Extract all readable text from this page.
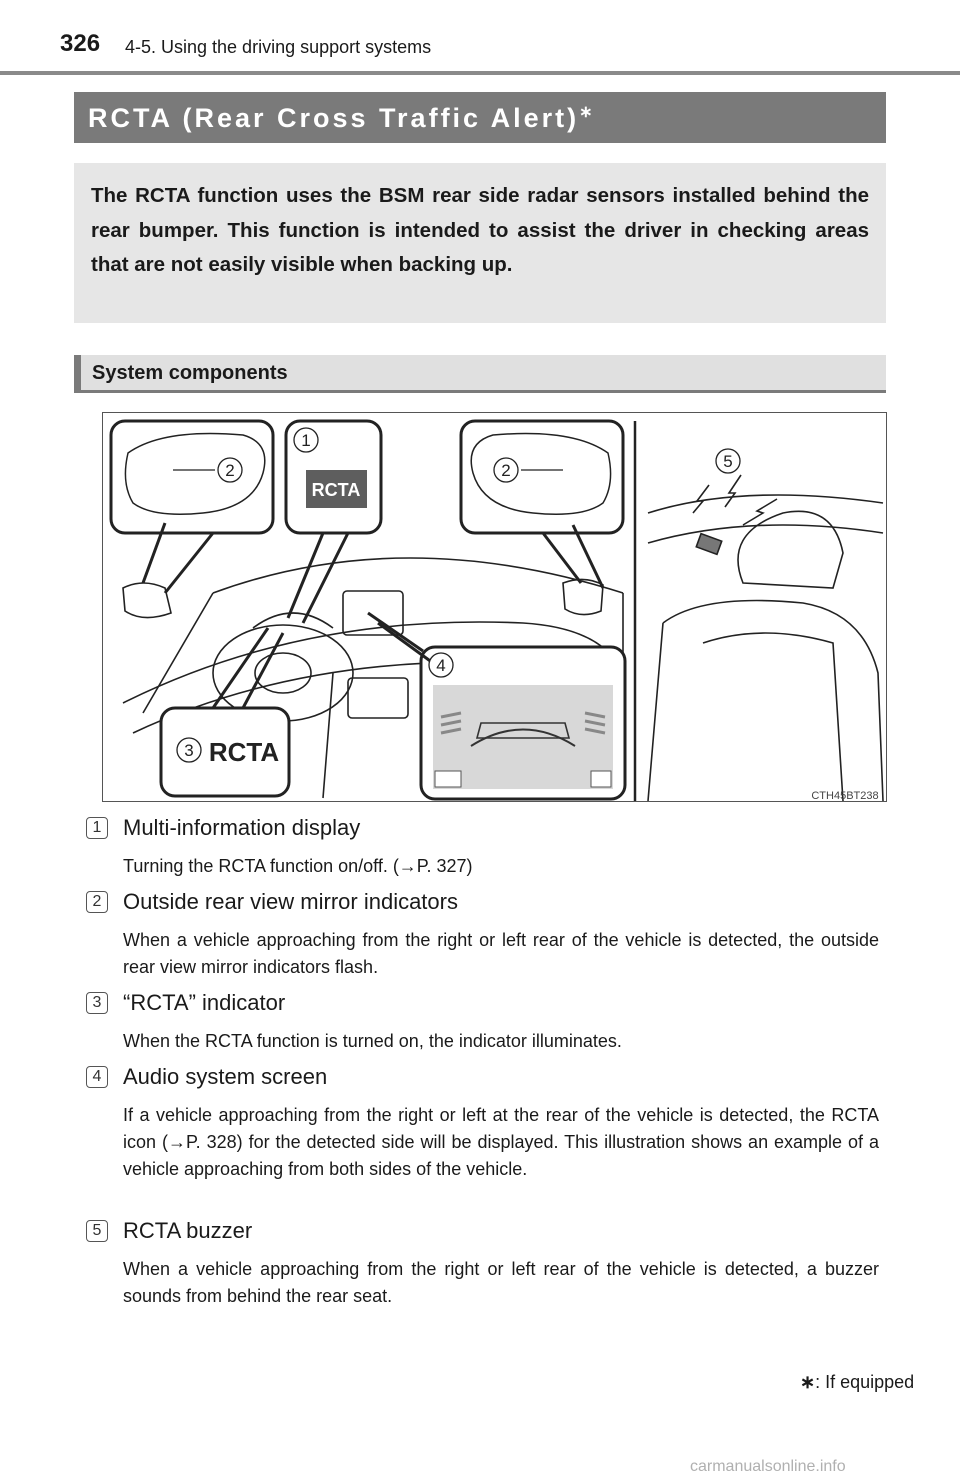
326 4-5. Using the driving support systems
RCTA (Rear Cross Traffic Alert)∗
The RCTA function uses the BSM rear side radar sensors installed behind the rear bumper. This function is intended to assist the driver in checking areas that are not easily visible when backing up.
System components
2
1
2	5
4
3
RCTA
RCTA
CTH45BT238
1 Multi-information display
Turning the RCTA function on/off. (→P. 327)
2 Outside rear view mirror indicators
When a vehicle approaching from the right or left rear of the vehicle is detected, the outside rear view mirror indicators flash.
3 “RCTA” indicator
When the RCTA function is turned on, the indicator illuminates.
4 Audio system screen
If a vehicle approaching from the right or left at the rear of the vehicle is detected, the RCTA icon (→P. 328) for the detected side will be displayed. This illustration shows an example of a vehicle approaching from both sides of the vehicle.
5 RCTA buzzer
When a vehicle approaching from the right or left rear of the vehicle is detected, a buzzer sounds from behind the rear seat.
∗: If equipped
carmanualsonline.info
